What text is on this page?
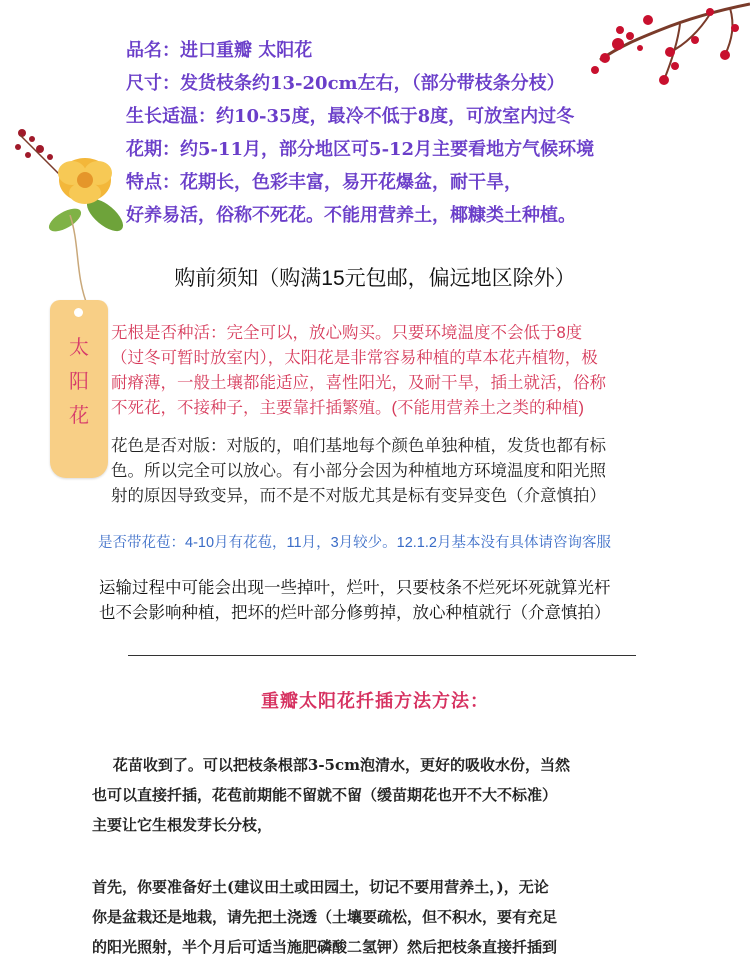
太
阳
花
品名：进口重瓣 太阳花
尺寸：发货枝条约13-20cm左右，（部分带枝条分枝）
生长适温：约10-35度，最冷不低于8度，可放室内过冬
花期：约5-11月，部分地区可5-12月主要看地方气候环境
特点：花期长，色彩丰富，易开花爆盆，耐干旱，
好养易活，俗称不死花。不能用营养土，椰糠类土种植。
购前须知（购满15元包邮，偏远地区除外）
无根是否种活：完全可以，放心购买。只要环境温度不会低于8度
（过冬可暂时放室内），太阳花是非常容易种植的草本花卉植物，极
耐瘠薄，一般土壤都能适应，喜性阳光，及耐干旱，插土就活，俗称
不死花，不接种子，主要靠扦插繁殖。(不能用营养土之类的种植)
花色是否对版：对版的，咱们基地每个颜色单独种植，发货也都有标
色。所以完全可以放心。有小部分会因为种植地方环境温度和阳光照
射的原因导致变异，而不是不对版尤其是标有变异变色（介意慎拍）
是否带花苞：4-10月有花苞，11月，3月较少。12.1.2月基本没有具体请咨询客服
运输过程中可能会出现一些掉叶，烂叶，只要枝条不烂死坏死就算光杆
也不会影响种植，把坏的烂叶部分修剪掉，放心种植就行（介意慎拍）
重瓣太阳花扦插方法方法：
花苗收到了。可以把枝条根部3-5cm泡清水，更好的吸收水份，当然
也可以直接扦插，花苞前期能不留就不留（缓苗期花也开不大不标准）
主要让它生根发芽长分枝，
首先，你要准备好土(建议田土或田园土，切记不要用营养土，)，无论
你是盆栽还是地栽，请先把土浇透（土壤要疏松，但不积水，要有充足
的阳光照射，半个月后可适当施肥磷酸二氢钾）然后把枝条直接扦插到
